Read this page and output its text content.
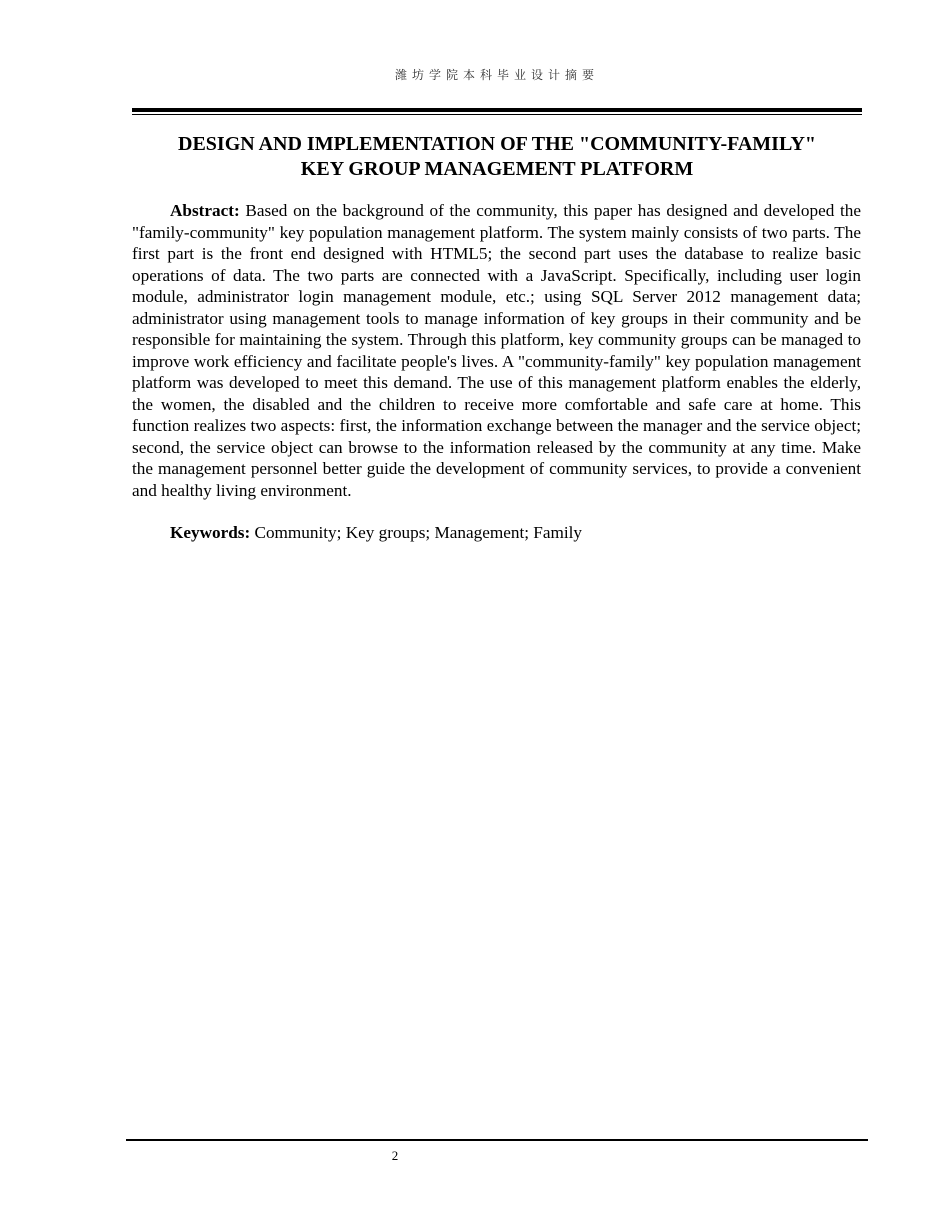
潍坊学院本科毕业设计摘要
DESIGN AND IMPLEMENTATION OF THE "COMMUNITY-FAMILY"
KEY GROUP MANAGEMENT PLATFORM

Abstract: Based on the background of the community, this paper has designed and developed the "family-community" key population management platform. The system mainly consists of two parts. The first part is the front end designed with HTML5; the second part uses the database to realize basic operations of data. The two parts are connected with a JavaScript. Specifically, including user login module, administrator login management module, etc.; using SQL Server 2012 management data; administrator using management tools to manage information of key groups in their community and be responsible for maintaining the system. Through this platform, key community groups can be managed to improve work efficiency and facilitate people's lives. A "community-family" key population management platform was developed to meet this demand. The use of this management platform enables the elderly, the women, the disabled and the children to receive more comfortable and safe care at home. This function realizes two aspects: first, the information exchange between the manager and the service object; second, the service object can browse to the information released by the community at any time. Make the management personnel better guide the development of community services, to provide a convenient and healthy living environment.

Keywords: Community; Key groups; Management; Family

2
